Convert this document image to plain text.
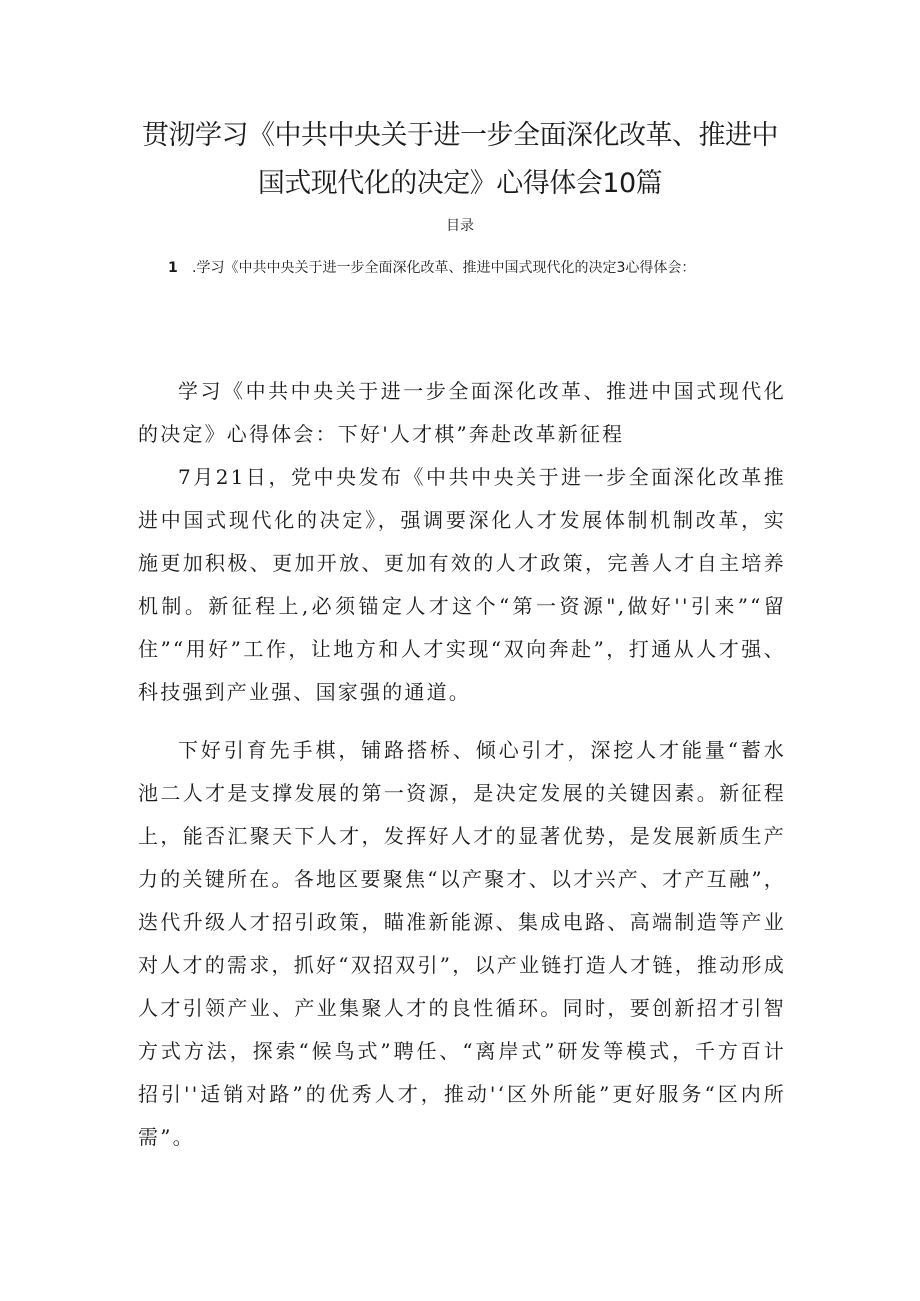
贯沏学习《中共中央关于进一步全面深化改革、推进中
国式现代化的决定》心得体会10篇
目录
1 .学习《中共中央关于进一步全面深化改革、推进中国式现代化的决定3心得体会：

学习《中共中央关于进一步全面深化改革、推进中国式现代化的决定》心得体会：下好'人才棋”奔赴改革新征程

7月21日，党中央发布《中共中央关于进一步全面深化改革推进中国式现代化的决定》，强调要深化人才发展体制机制改革，实施更加积极、更加开放、更加有效的人才政策，完善人才自主培养机制。新征程上,必须锚定人才这个“第一资源",做好''引来”“留住”“用好”工作，让地方和人才实现“双向奔赴”，打通从人才强、科技强到产业强、国家强的通道。

下好引育先手棋，铺路搭桥、倾心引才，深挖人才能量“蓄水池二人才是支撑发展的第一资源，是决定发展的关键因素。新征程上，能否汇聚天下人才，发挥好人才的显著优势，是发展新质生产力的关键所在。各地区要聚焦“以产聚才、以才兴产、才产互融”，迭代升级人才招引政策，瞄准新能源、集成电路、高端制造等产业对人才的需求，抓好“双招双引”，以产业链打造人才链，推动形成人才引领产业、产业集聚人才的良性循环。同时，要创新招才引智方式方法，探索“候鸟式”聘任、“离岸式”研发等模式，千方百计招引''适销对路”的优秀人才，推动'‘区外所能”更好服务“区内所需”。
